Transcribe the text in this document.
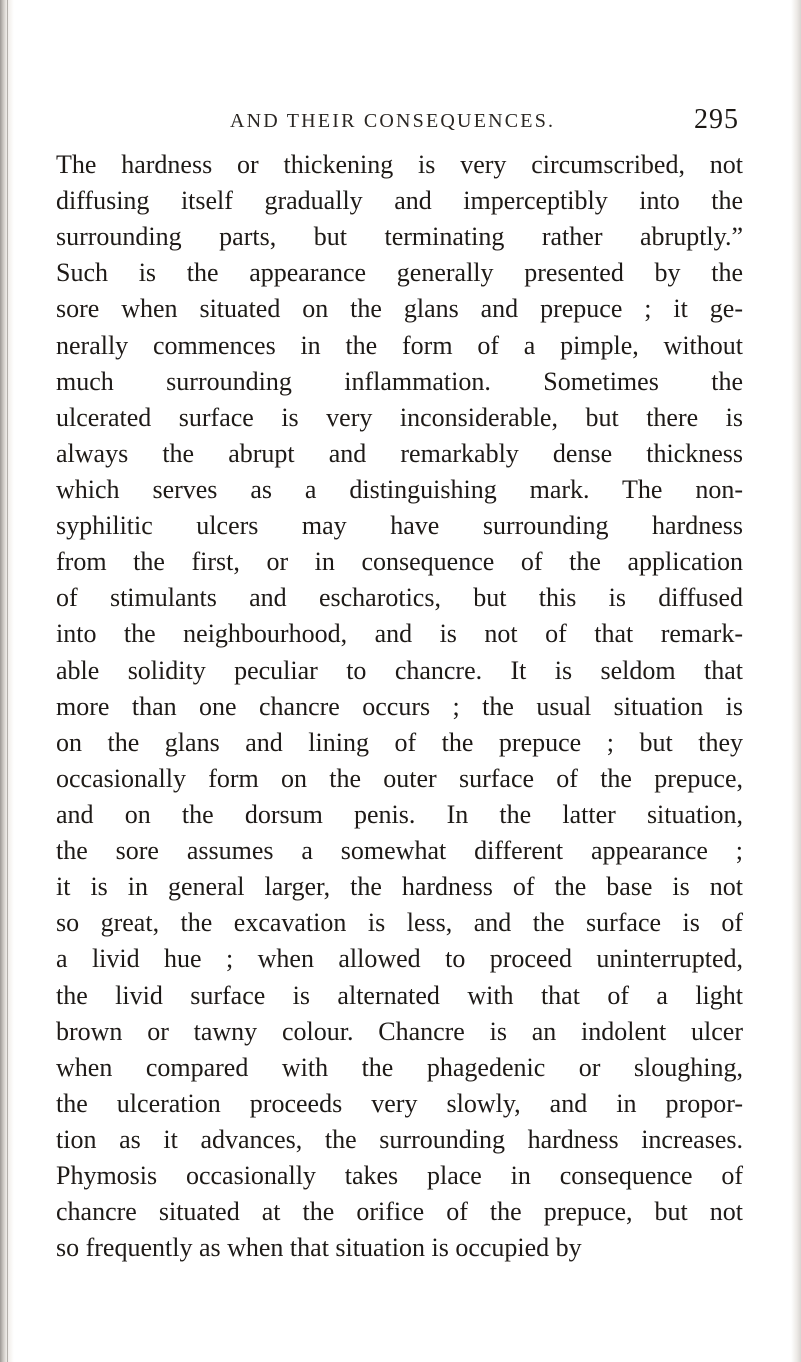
AND THEIR CONSEQUENCES.	295
The hardness or thickening is very circumscribed, not
diffusing itself gradually and imperceptibly into the
surrounding parts, but terminating rather abruptly.”
Such is the appearance generally presented by the
sore when situated on the glans and prepuce ; it ge-
nerally commences in the form of a pimple, without
much surrounding inflammation. Sometimes the
ulcerated surface is very inconsiderable, but there is
always the abrupt and remarkably dense thickness
which serves as a distinguishing mark. The non-
syphilitic ulcers may have surrounding hardness
from the first, or in consequence of the application
of stimulants and escharotics, but this is diffused
into the neighbourhood, and is not of that remark-
able solidity peculiar to chancre. It is seldom that
more than one chancre occurs ; the usual situation is
on the glans and lining of the prepuce ; but they
occasionally form on the outer surface of the prepuce,
and on the dorsum penis. In the latter situation,
the sore assumes a somewhat different appearance ;
it is in general larger, the hardness of the base is not
so great, the excavation is less, and the surface is of
a livid hue ; when allowed to proceed uninterrupted,
the livid surface is alternated with that of a light
brown or tawny colour. Chancre is an indolent ulcer
when compared with the phagedenic or sloughing,
the ulceration proceeds very slowly, and in propor-
tion as it advances, the surrounding hardness increases.
Phymosis occasionally takes place in consequence of
chancre situated at the orifice of the prepuce, but not
so frequently as when that situation is occupied by
